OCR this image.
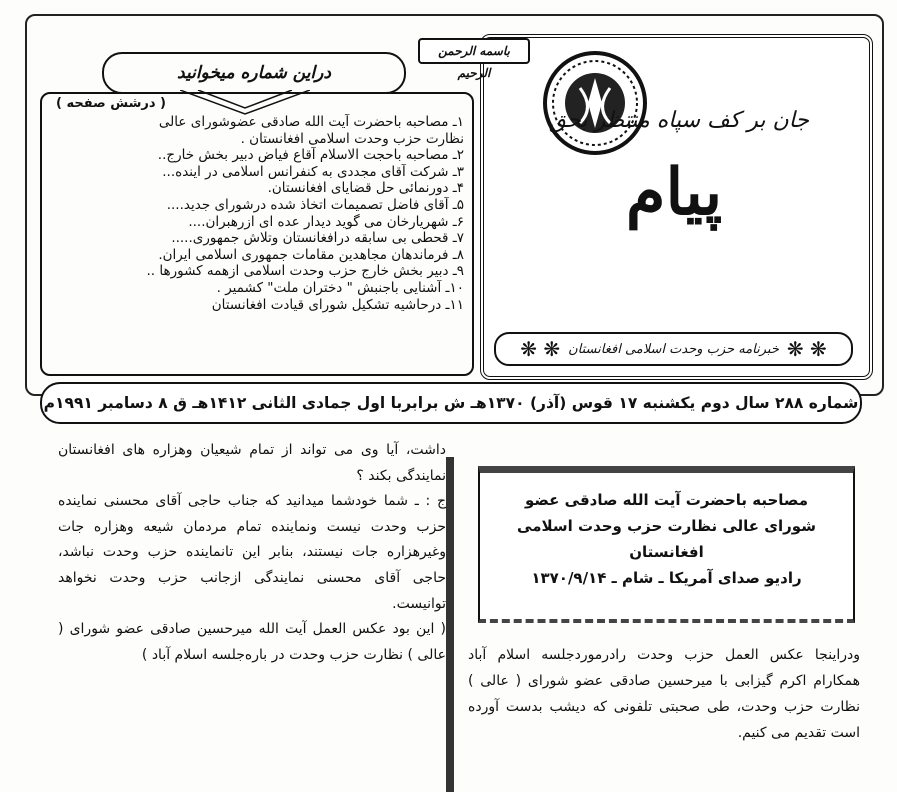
جان بر کف سپاه منتظر بحق
پیام
❋ ❋
خبرنامه حزب وحدت اسلامی افغانستان
❋ ❋
باسمه الرحمن الرحيم
دراین شماره میخوانید
( درشش صفحه )
۱ـ مصاحبه باحضرت آیت الله صادقی عضوشورای عالی
نظارت حزب وحدت اسلامی افغانستان .
۲ـ مصاحبه باحجت الاسلام آقاع فیاض دبیر بخش خارج..
۳ـ شرکت آقای مجددی به کنفرانس اسلامی در اینده...
۴ـ دورنمائی حل قضایای افغانستان.
۵ـ آقای فاضل تصمیمات اتخاذ شده درشورای جدید....
۶ـ شهریارخان می گوید دیدار عده ای ازرهبران....
۷ـ قحطی بی سابقه درافغانستان وتلاش جمهوری.....
۸ـ فرماندهان مجاهدین مقامات جمهوری اسلامی ایران.
۹ـ دبیر بخش خارج حزب وحدت اسلامی ازهمه کشورها ..
۱۰ـ آشنایی باجنبش " دختران ملت" کشمیر .
۱۱ـ درحاشیه تشکیل شورای قیادت افغانستان
شماره ۲۸۸ سال دوم یکشنبه ۱۷ قوس (آذر) ۱۳۷۰هـ ش برابربا اول جمادی الثانی ۱۴۱۲هـ ق ۸ دسامبر ۱۹۹۱م

داشت، آیا وی می تواند از تمام شیعیان وهزاره های افغانستان نمایندگی بکند ؟

ج : ـ شما خودشما میدانید که جناب حاجی آقای محسنی نماینده حزب وحدت نیست ونماینده تمام مردمان شیعه وهزاره جات وغیرهزاره جات نیستند، بنابر این تانماینده حزب وحدت نباشد، حاجی آقای محسنی نمایندگی ازجانب حزب وحدت نخواهد توانیست.

( این بود عکس العمل آیت الله میرحسین صادقی عضو شورای ( عالی ) نظارت حزب وحدت در بار‌ه‌جلسه اسلام آباد )

مصاحبه باحضرت آیت الله صادقی عضو
شورای عالی نظارت حزب وحدت اسلامی
افغانستان
رادیو صدای آمریکا ـ شام ـ ۱۳۷۰/۹/۱۴

ودراینجا عکس العمل حزب وحدت رادرموردجلسه اسلام آباد همکارام اکرم گیزابی با میرحسین صادقی عضو شورای ( عالی ) نظارت حزب وحدت، طی صحبتی تلفونی که دیشب بدست آورده است تقدیم می کنیم.
